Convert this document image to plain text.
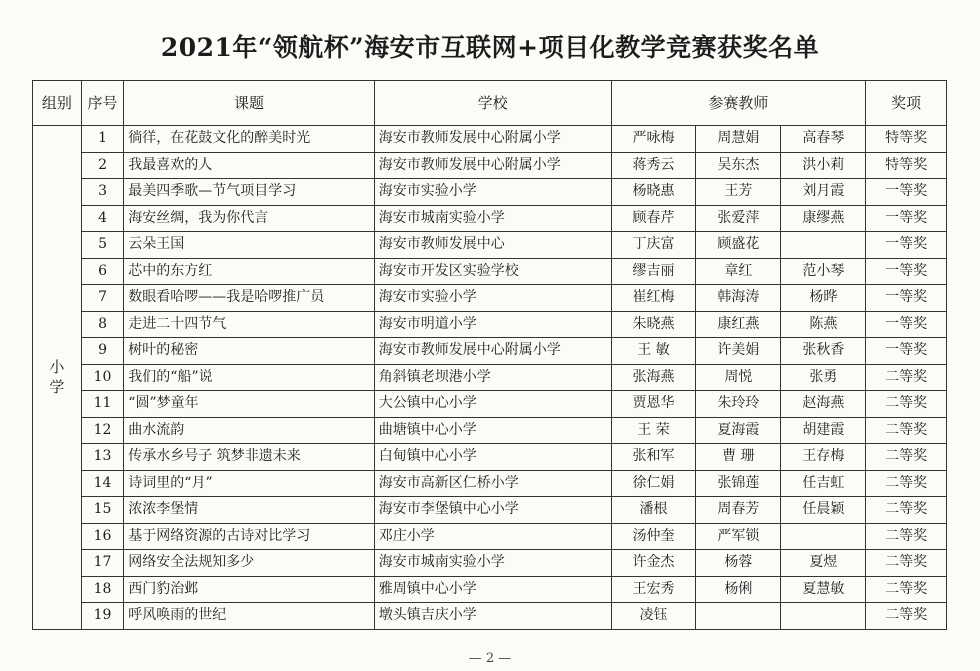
2021年“领航杯”海安市互联网+项目化教学竞赛获奖名单
组别	序号	课题	学校	参赛教师			奖项

小
学	1	徜徉，在花鼓文化的醉美时光	海安市教师发展中心附属小学	严咏梅	周慧娟	高春琴	特等奖
	2	我最喜欢的人	海安市教师发展中心附属小学	蒋秀云	吴东杰	洪小莉	特等奖
	3	最美四季歌—节气项目学习	海安市实验小学	杨晓惠	王芳	刘月霞	一等奖
	4	海安丝绸，我为你代言	海安市城南实验小学	顾春芹	张爱萍	康缪燕	一等奖
	5	云朵王国	海安市教师发展中心	丁庆富	顾盛花		一等奖
	6	芯中的东方红	海安市开发区实验学校	缪吉丽	章红	范小琴	一等奖
	7	数眼看哈啰——我是哈啰推广员	海安市实验小学	崔红梅	韩海涛	杨晔	一等奖
	8	走进二十四节气	海安市明道小学	朱晓燕	康红燕	陈燕	一等奖
	9	树叶的秘密	海安市教师发展中心附属小学	王 敏	许美娟	张秋香	一等奖
	10	我们的“船”说	角斜镇老坝港小学	张海燕	周悦	张勇	二等奖
	11	“圆”梦童年	大公镇中心小学	贾恩华	朱玲玲	赵海燕	二等奖
	12	曲水流韵	曲塘镇中心小学	王 荣	夏海霞	胡建霞	二等奖
	13	传承水乡号子 筑梦非遗未来	白甸镇中心小学	张和军	曹 珊	王存梅	二等奖
	14	诗词里的“月”	海安市高新区仁桥小学	徐仁娟	张锦莲	任吉虹	二等奖
	15	浓浓李堡情	海安市李堡镇中心小学	潘根	周春芳	任晨颖	二等奖
	16	基于网络资源的古诗对比学习	邓庄小学	汤仲奎	严军锁		二等奖
	17	网络安全法规知多少	海安市城南实验小学	许金杰	杨蓉	夏煜	二等奖
	18	西门豹治邺	雅周镇中心小学	王宏秀	杨俐	夏慧敏	二等奖
	19	呼风唤雨的世纪	墩头镇吉庆小学	凌钰			二等奖
— 2 —
